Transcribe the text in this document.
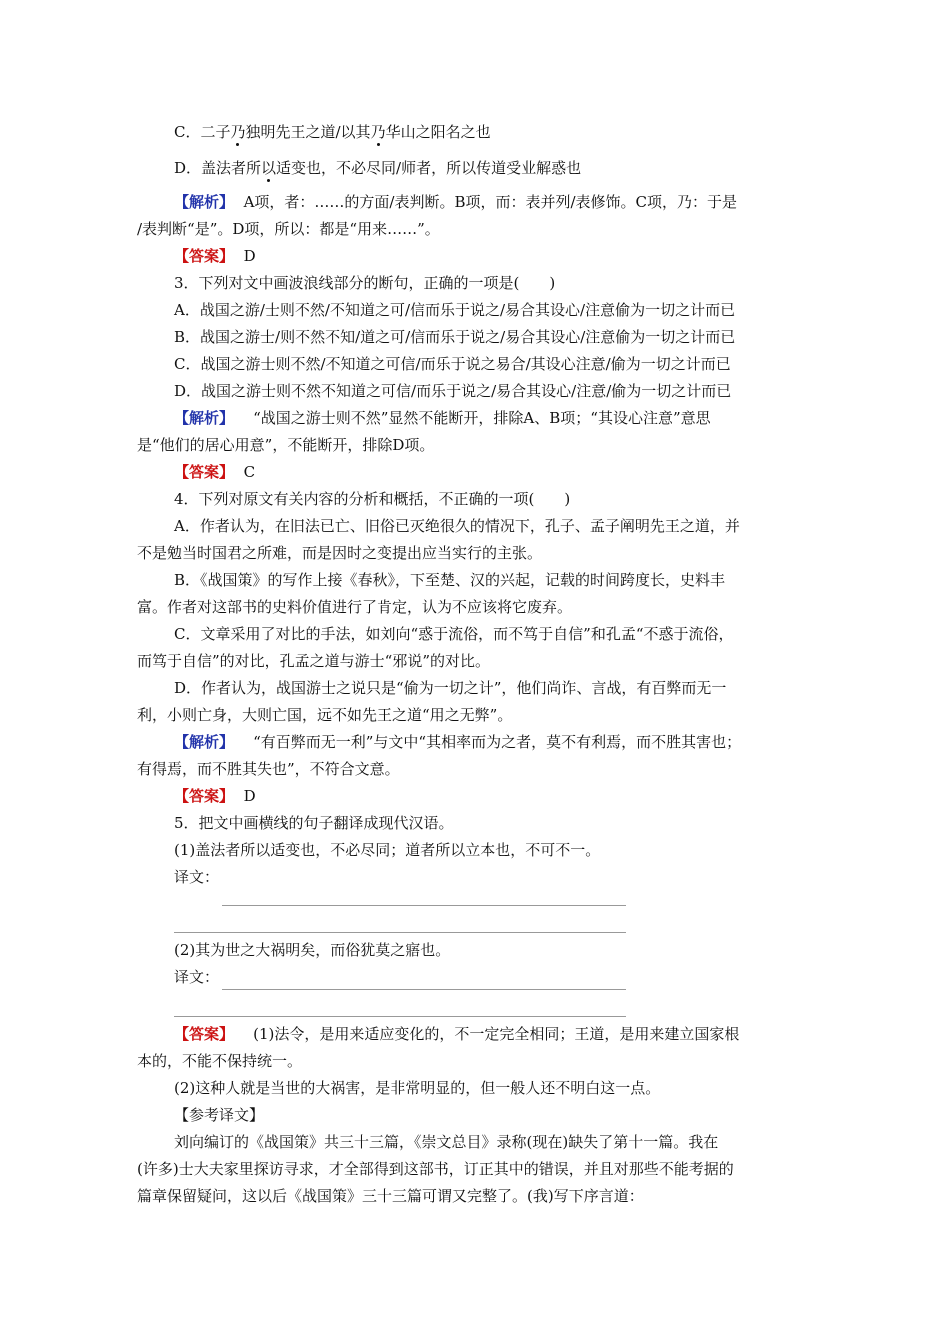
C．二子乃独明先王之道/以其乃华山之阳名之也
D．盖法者所以适变也，不必尽同/师者，所以传道受业解惑也
【解析】 A项，者：……的方面/表判断。B项，而：表并列/表修饰。C项，乃：于是
/表判断“是”。D项，所以：都是“用来……”。
【答案】 D
3．下列对文中画波浪线部分的断句，正确的一项是(　　)
A．战国之游/士则不然/不知道之可/信而乐于说之/易合其设心/注意偷为一切之计而已
B．战国之游士/则不然不知/道之可/信而乐于说之/易合其设心/注意偷为一切之计而已
C．战国之游士则不然/不知道之可信/而乐于说之易合/其设心注意/偷为一切之计而已
D．战国之游士则不然不知道之可信/而乐于说之/易合其设心/注意/偷为一切之计而已
【解析】 “战国之游士则不然”显然不能断开，排除A、B项；“其设心注意”意思
是“他们的居心用意”，不能断开，排除D项。
【答案】 C
4．下列对原文有关内容的分析和概括，不正确的一项(　　)
A．作者认为，在旧法已亡、旧俗已灭绝很久的情况下，孔子、孟子阐明先王之道，并
不是勉当时国君之所难，而是因时之变提出应当实行的主张。
B．《战国策》的写作上接《春秋》，下至楚、汉的兴起，记载的时间跨度长，史料丰
富。作者对这部书的史料价值进行了肯定，认为不应该将它废弃。
C．文章采用了对比的手法，如刘向“惑于流俗，而不笃于自信”和孔孟“不惑于流俗，
而笃于自信”的对比，孔孟之道与游士“邪说”的对比。
D．作者认为，战国游士之说只是“偷为一切之计”，他们尚诈、言战，有百弊而无一
利，小则亡身，大则亡国，远不如先王之道“用之无弊”。
【解析】 “有百弊而无一利”与文中“其相率而为之者，莫不有利焉，而不胜其害也；
有得焉，而不胜其失也”，不符合文意。
【答案】 D
5．把文中画横线的句子翻译成现代汉语。
(1)盖法者所以适变也，不必尽同；道者所以立本也，不可不一。
译文：
(2)其为世之大祸明矣，而俗犹莫之寤也。
译文：
【答案】 (1)法令，是用来适应变化的，不一定完全相同；王道，是用来建立国家根
本的，不能不保持统一。
(2)这种人就是当世的大祸害，是非常明显的，但一般人还不明白这一点。
【参考译文】
刘向编订的《战国策》共三十三篇，《崇文总目》录称(现在)缺失了第十一篇。我在
(许多)士大夫家里探访寻求，才全部得到这部书，订正其中的错误，并且对那些不能考据的
篇章保留疑问，这以后《战国策》三十三篇可谓又完整了。(我)写下序言道：
